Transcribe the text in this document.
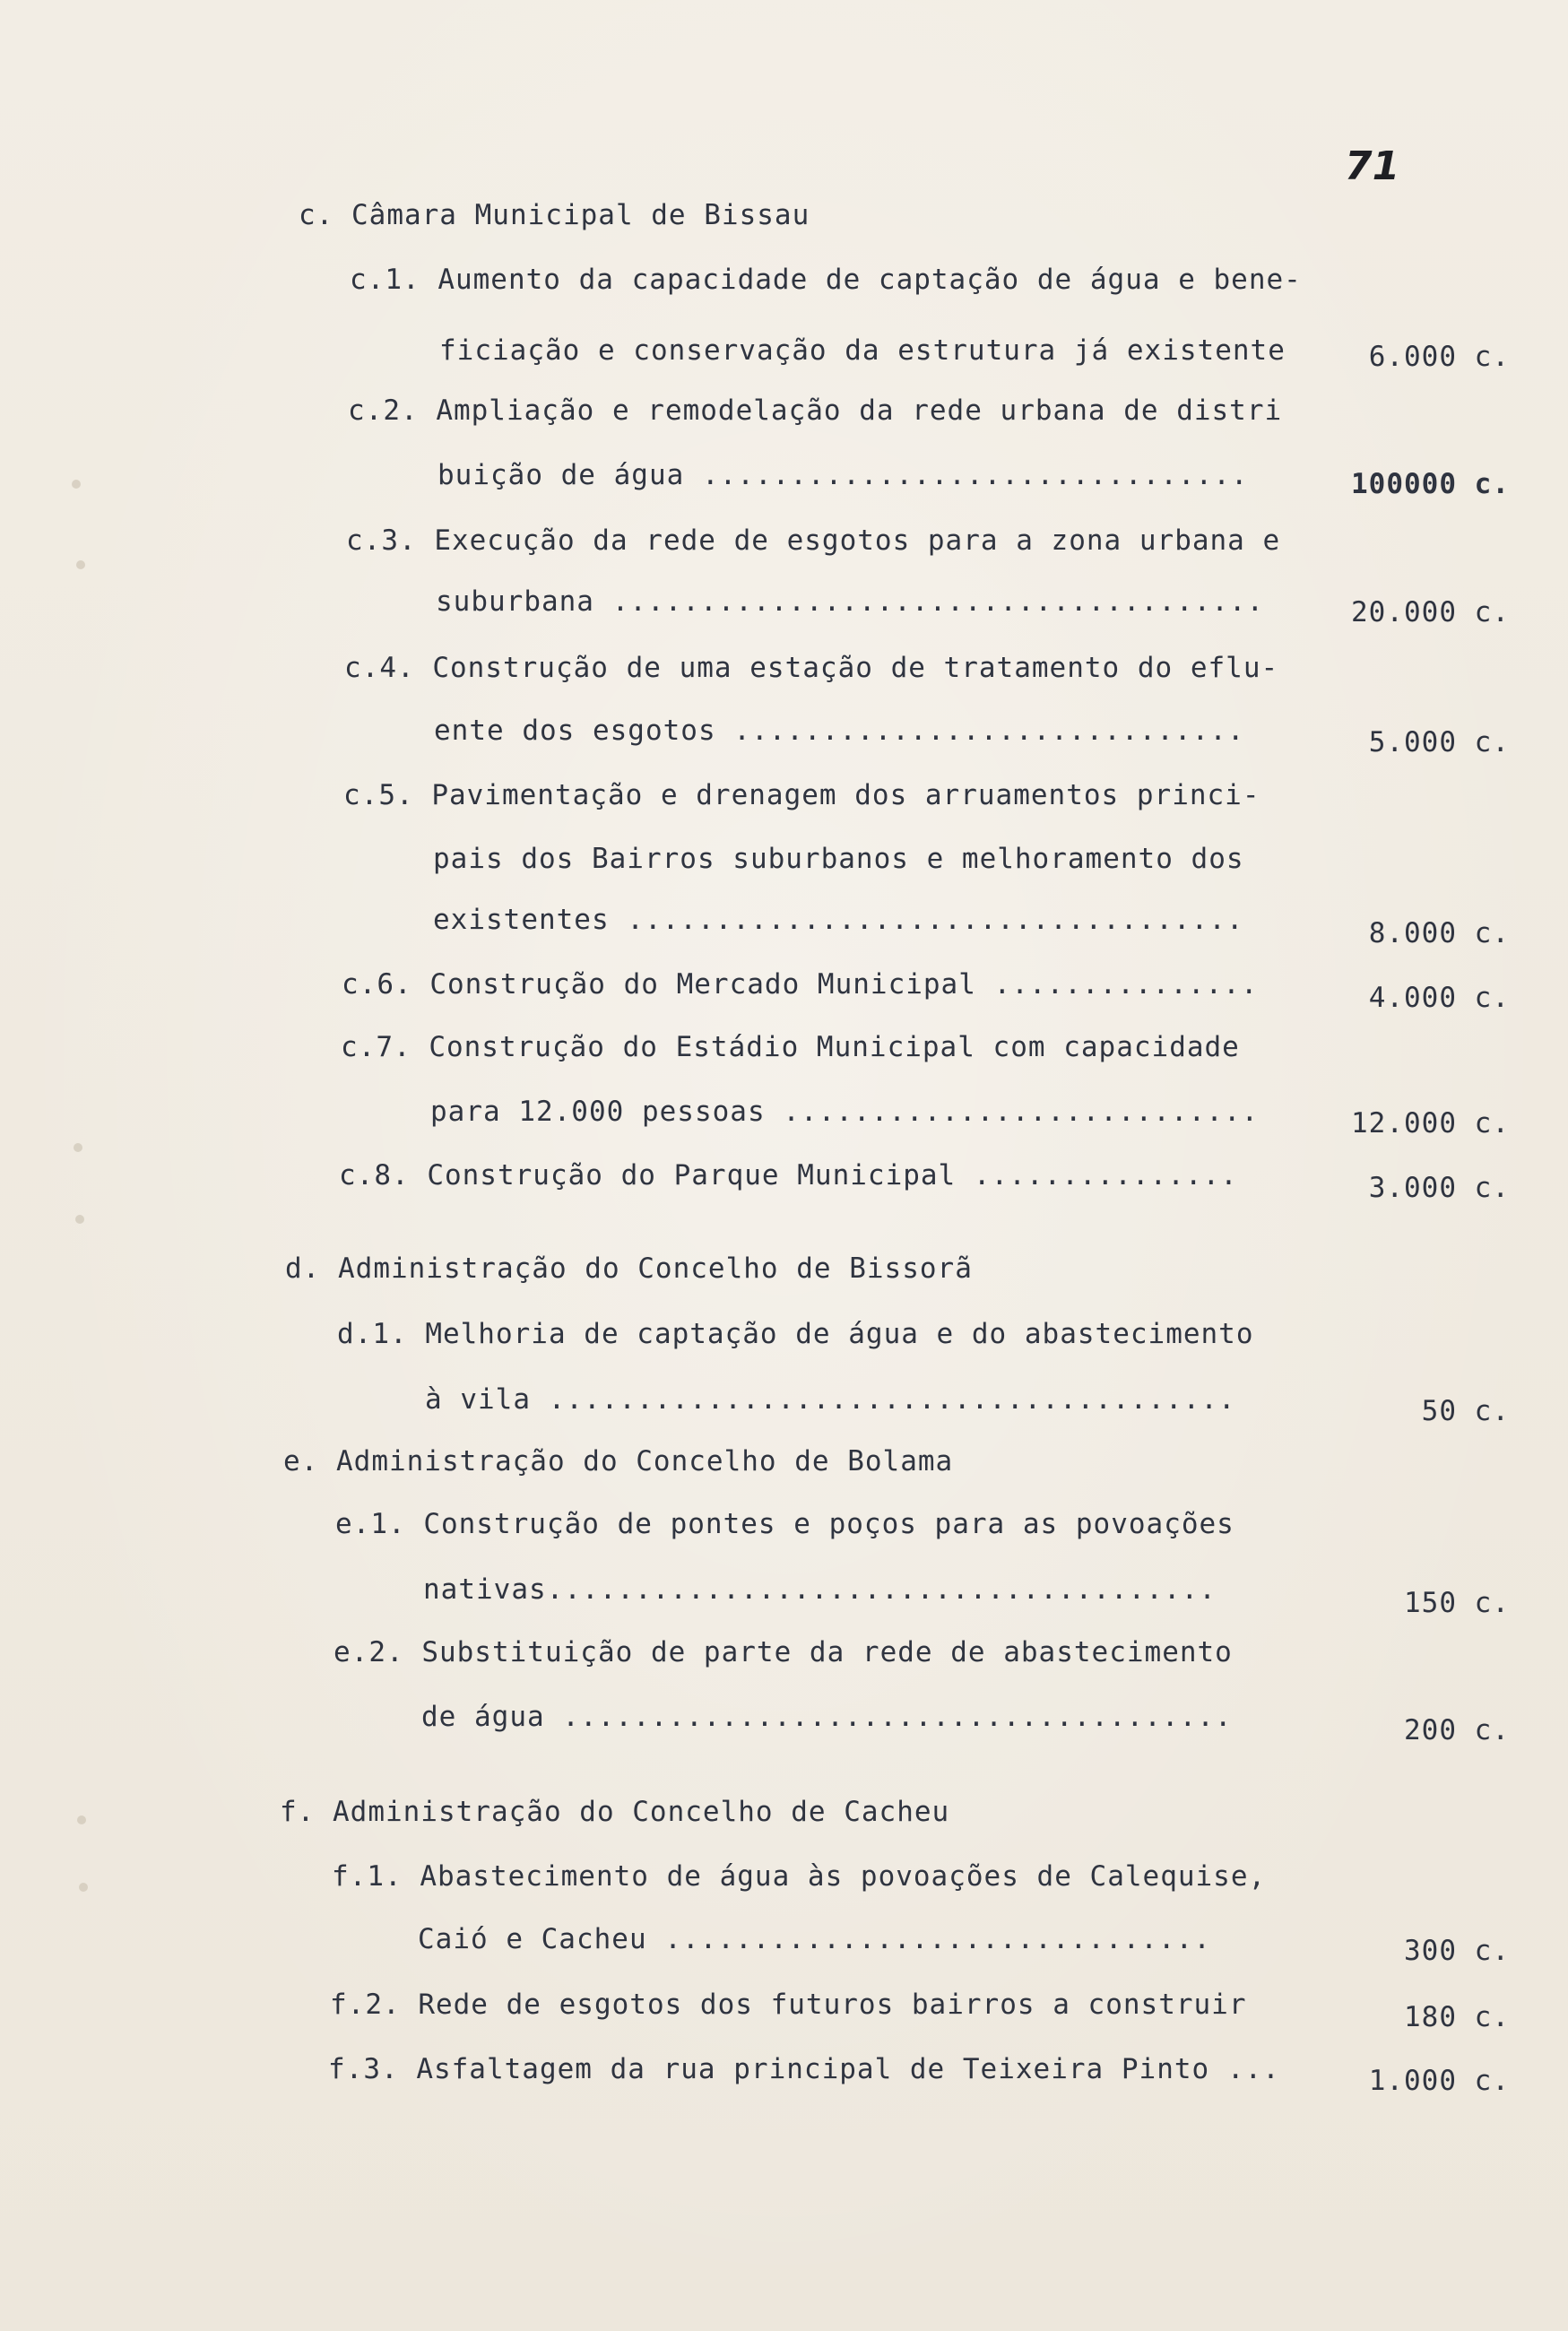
71
c. Câmara Municipal de Bissau
c.1. Aumento da capacidade de captação de água e bene-
ficiação e conservação da estrutura já existente	6.000 c.
c.2. Ampliação e remodelação da rede urbana de distri
buição de água ...............................	100000 c.
c.3. Execução da rede de esgotos para a zona urbana e
suburbana .....................................	20.000 c.
c.4. Construção de uma estação de tratamento do eflu-
ente dos esgotos .............................	5.000 c.
c.5. Pavimentação e drenagem dos arruamentos princi-
pais dos Bairros suburbanos e melhoramento dos
existentes ...................................	8.000 c.
c.6. Construção do Mercado Municipal ...............	4.000 c.
c.7. Construção do Estádio Municipal com capacidade
para 12.000 pessoas ...........................	12.000 c.
c.8. Construção do Parque Municipal ...............	3.000 c.
d. Administração do Concelho de Bissorã
d.1. Melhoria de captação de água e do abastecimento
à vila .......................................	50 c.
e. Administração do Concelho de Bolama
e.1. Construção de pontes e poços para as povoações
nativas......................................	150 c.
e.2. Substituição de parte da rede de abastecimento
de água ......................................	200 c.
f. Administração do Concelho de Cacheu
f.1. Abastecimento de água às povoações de Calequise,
Caió e Cacheu ...............................	300 c.
f.2. Rede de esgotos dos futuros bairros a construir	180 c.
f.3. Asfaltagem da rua principal de Teixeira Pinto ...	1.000 c.
